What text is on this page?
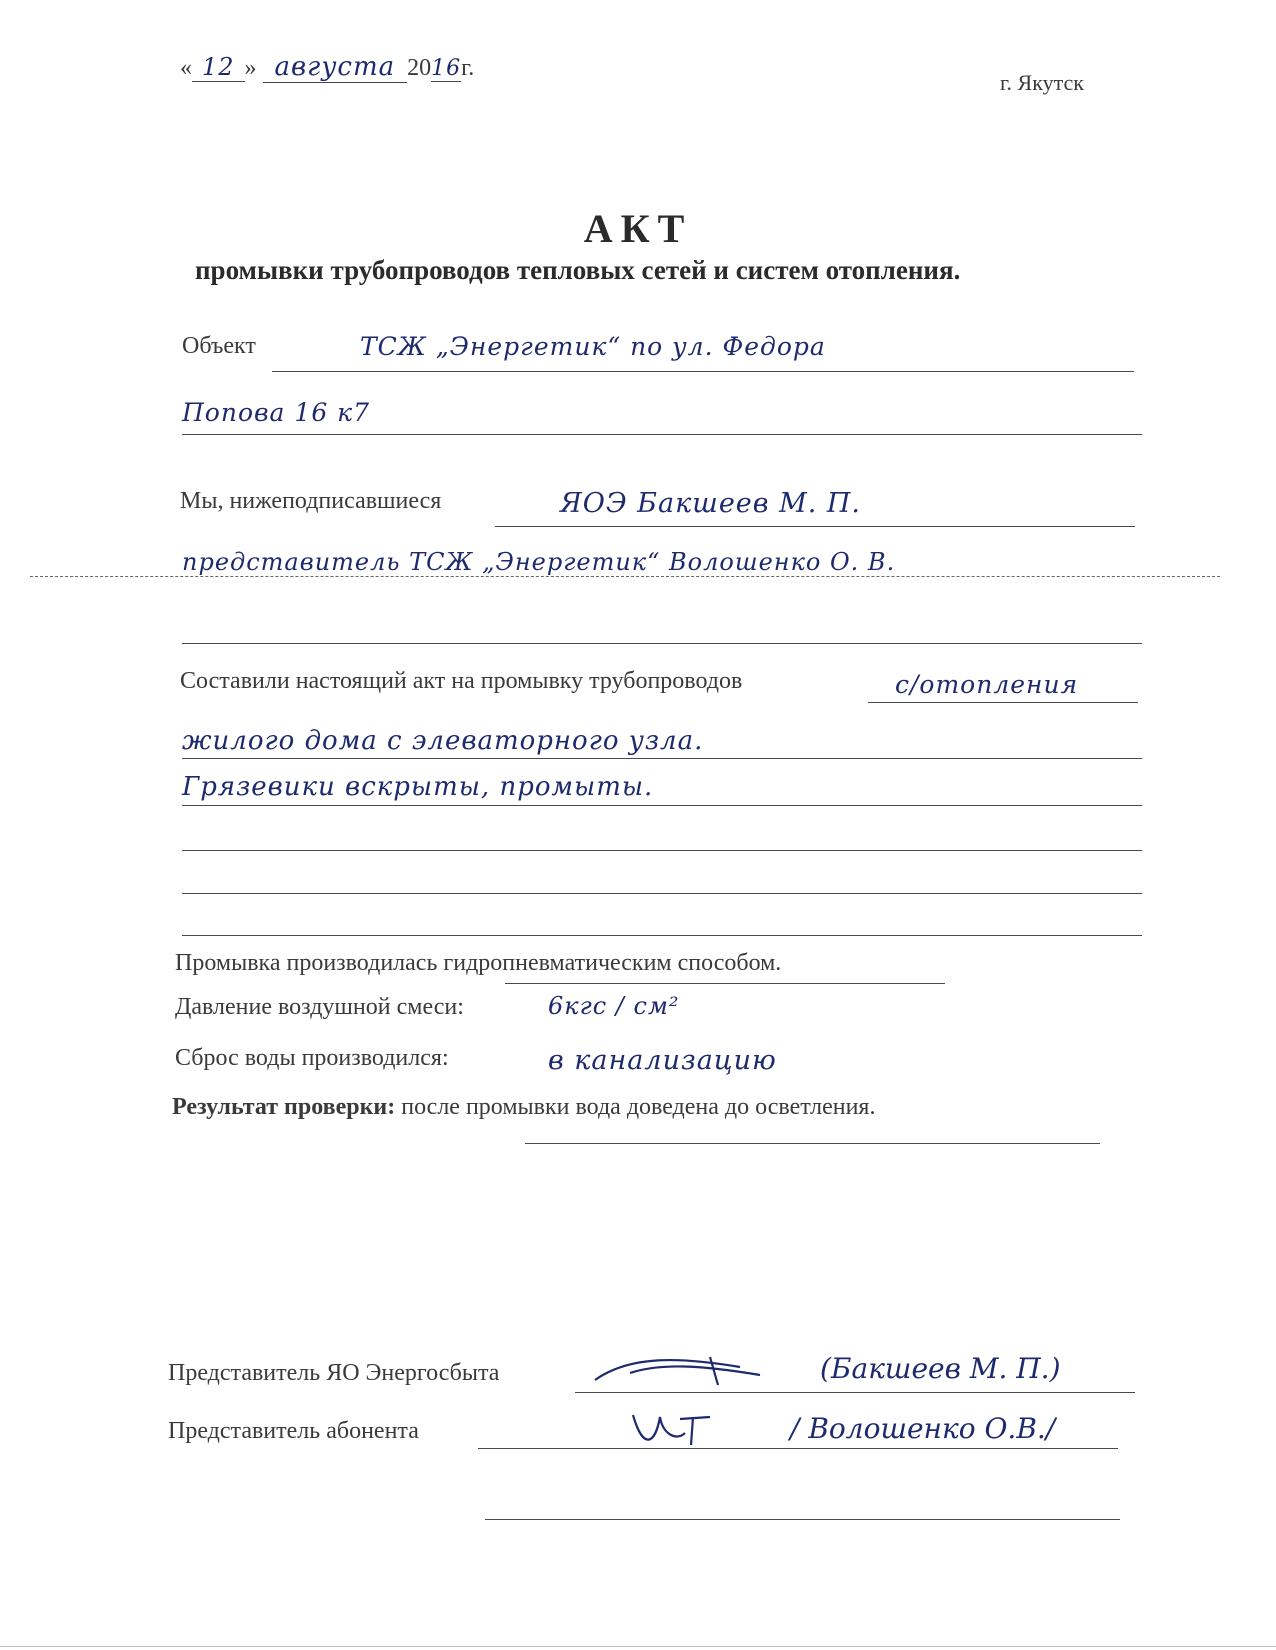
« 12 » августа 2016г.
г. Якутск
АКТ
промывки трубопроводов тепловых сетей и систем отопления.
Объект	ТСЖ „Энергетик“ по ул. Федора
Попова 16 к7
Мы, нижеподписавшиеся	ЯОЭ Бакшеев М. П.
представитель ТСЖ „Энергетик“ Волошенко О. В.
Составили настоящий акт на промывку трубопроводов	с/отопления
жилого дома с элеваторного узла.
Грязевики вскрыты, промыты.
Промывка производилась гидропневматическим способом.
Давление воздушной смеси:	6кгс / см²
Сброс воды производился:	в канализацию
Результат проверки: после промывки вода доведена до осветления.
Представитель ЯО Энергосбыта	(Бакшеев М. П.)
Представитель абонента	/ Волошенко О.В./
